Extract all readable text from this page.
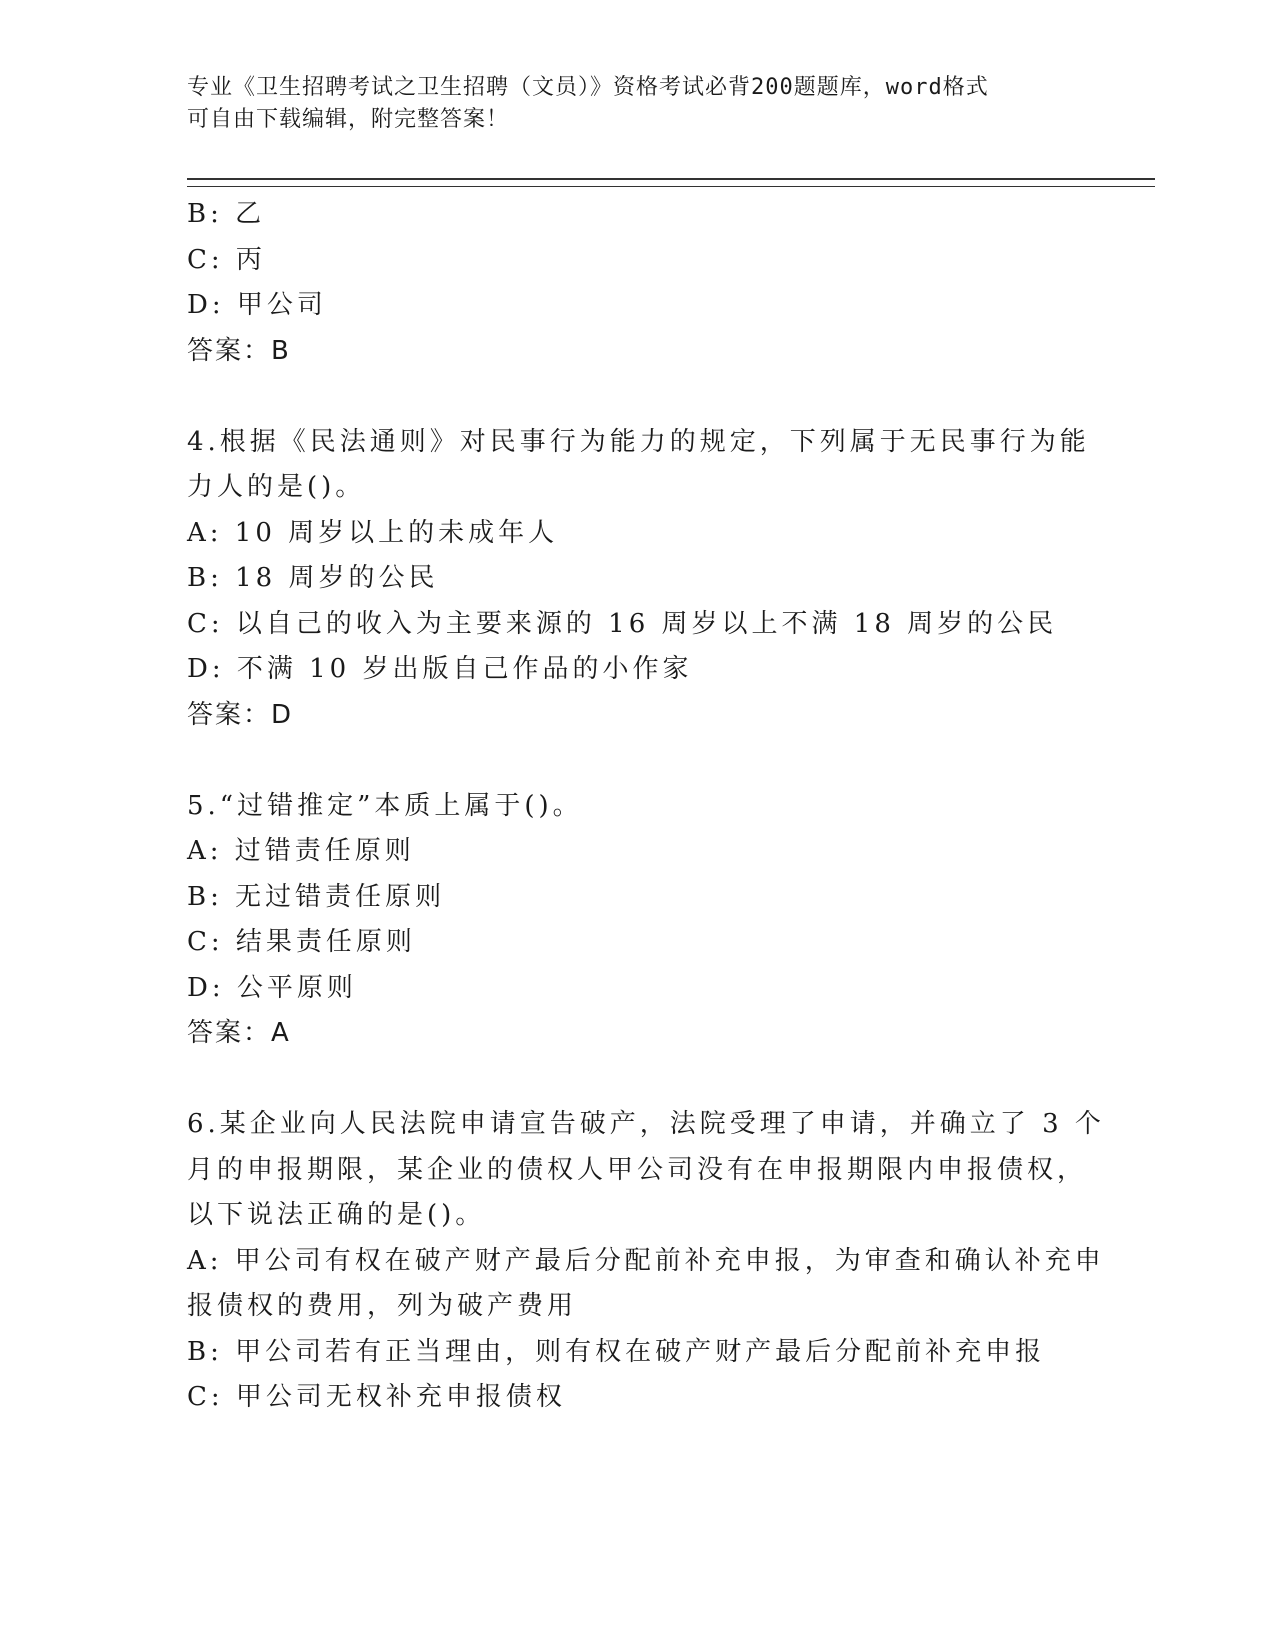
专业《卫生招聘考试之卫生招聘（文员）》资格考试必背200题题库，word格式
可自由下载编辑，附完整答案！
B: 乙
C: 丙
D: 甲公司
答案：B
4.根据《民法通则》对民事行为能力的规定，下列属于无民事行为能
力人的是()。
A: 10 周岁以上的未成年人
B: 18 周岁的公民
C: 以自己的收入为主要来源的 16 周岁以上不满 18 周岁的公民
D: 不满 10 岁出版自己作品的小作家
答案：D
5.“过错推定”本质上属于()。
A: 过错责任原则
B: 无过错责任原则
C: 结果责任原则
D: 公平原则
答案：A
6.某企业向人民法院申请宣告破产，法院受理了申请，并确立了 3 个
月的申报期限，某企业的债权人甲公司没有在申报期限内申报债权，
以下说法正确的是()。
A: 甲公司有权在破产财产最后分配前补充申报，为审查和确认补充申
报债权的费用，列为破产费用
B: 甲公司若有正当理由，则有权在破产财产最后分配前补充申报
C: 甲公司无权补充申报债权
